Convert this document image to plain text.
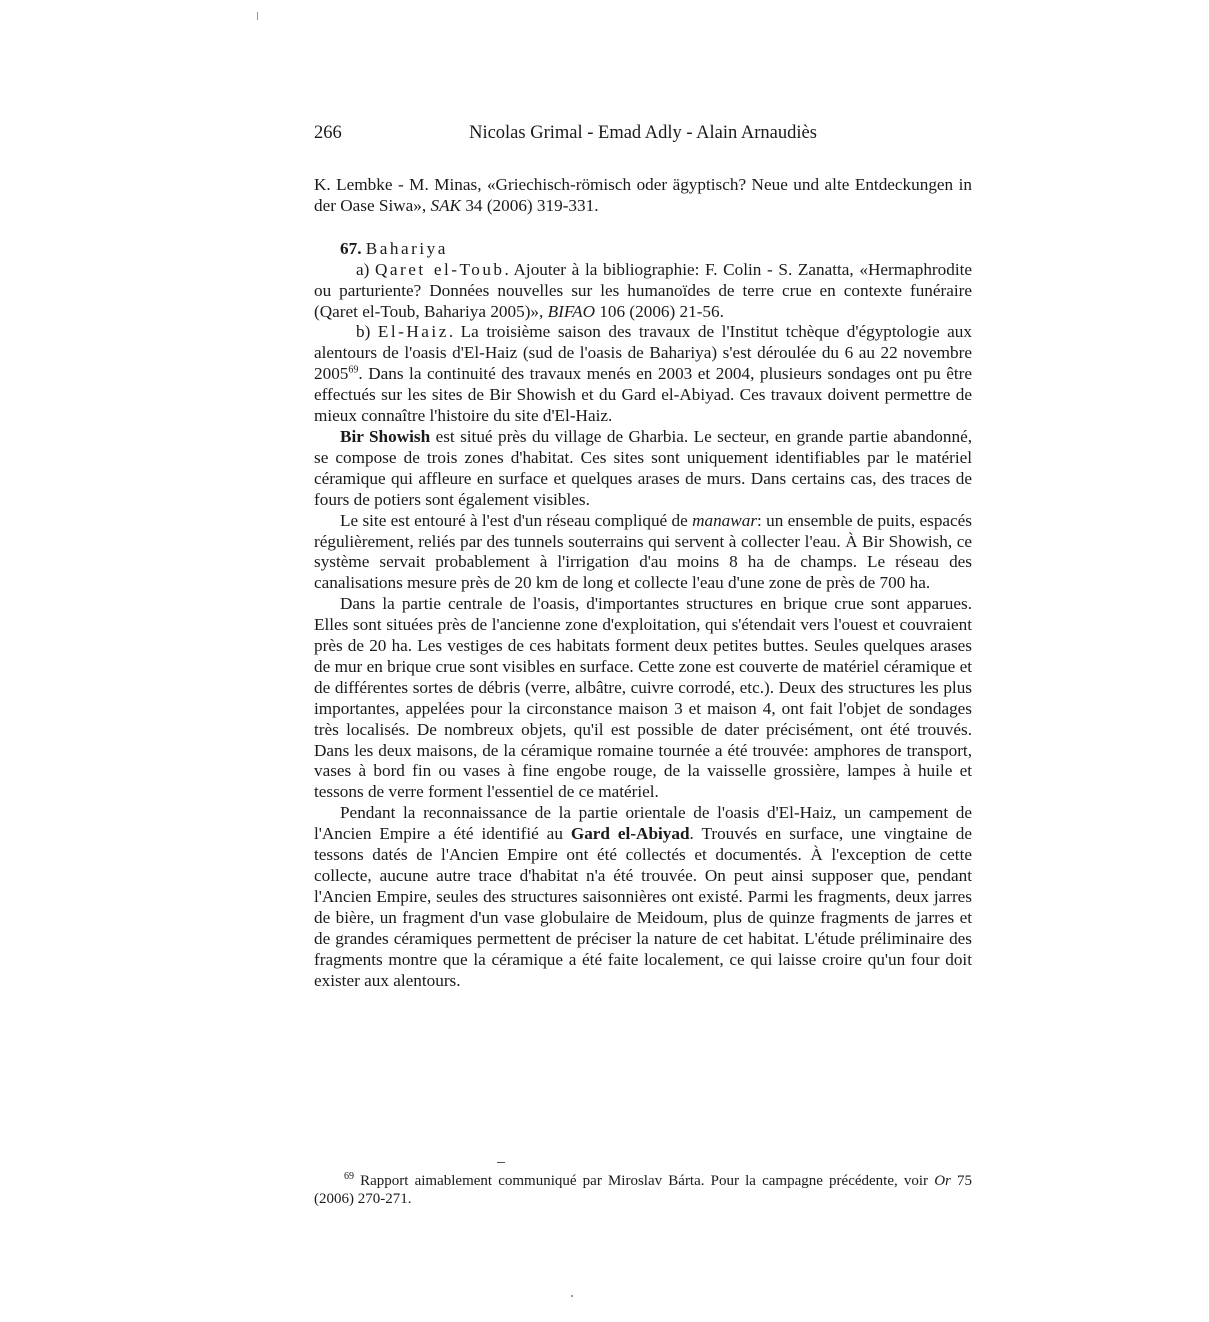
266	Nicolas Grimal - Emad Adly - Alain Arnaudiès

K. Lembke - M. Minas, «Griechisch-römisch oder ägyptisch? Neue und alte Entdeckungen in der Oase Siwa», SAK 34 (2006) 319-331.

67. Bahariya

a) Qaret el-Toub. Ajouter à la bibliographie: F. Colin - S. Zanatta, «Hermaphrodite ou parturiente? Données nouvelles sur les humanoïdes de terre crue en contexte funéraire (Qaret el-Toub, Bahariya 2005)», BIFAO 106 (2006) 21-56.

b) El-Haiz. La troisième saison des travaux de l'Institut tchèque d'égyptologie aux alentours de l'oasis d'El-Haiz (sud de l'oasis de Bahariya) s'est déroulée du 6 au 22 novembre 2005$^{69}$. Dans la continuité des travaux menés en 2003 et 2004, plusieurs sondages ont pu être effectués sur les sites de Bir Showish et du Gard el-Abiyad. Ces travaux doivent permettre de mieux connaître l'histoire du site d'El-Haiz.

Bir Showish est situé près du village de Gharbia. Le secteur, en grande partie abandonné, se compose de trois zones d'habitat. Ces sites sont uniquement identifiables par le matériel céramique qui affleure en surface et quelques arases de murs. Dans certains cas, des traces de fours de potiers sont également visibles.

Le site est entouré à l'est d'un réseau compliqué de manawar: un ensemble de puits, espacés régulièrement, reliés par des tunnels souterrains qui servent à collecter l'eau. À Bir Showish, ce système servait probablement à l'irrigation d'au moins 8 ha de champs. Le réseau des canalisations mesure près de 20 km de long et collecte l'eau d'une zone de près de 700 ha.

Dans la partie centrale de l'oasis, d'importantes structures en brique crue sont apparues. Elles sont situées près de l'ancienne zone d'exploitation, qui s'étendait vers l'ouest et couvraient près de 20 ha. Les vestiges de ces habitats forment deux petites buttes. Seules quelques arases de mur en brique crue sont visibles en surface. Cette zone est couverte de matériel céramique et de différentes sortes de débris (verre, albâtre, cuivre corrodé, etc.). Deux des structures les plus importantes, appelées pour la circonstance maison 3 et maison 4, ont fait l'objet de sondages très localisés. De nombreux objets, qu'il est possible de dater précisément, ont été trouvés. Dans les deux maisons, de la céramique romaine tournée a été trouvée: amphores de transport, vases à bord fin ou vases à fine engobe rouge, de la vaisselle grossière, lampes à huile et tessons de verre forment l'essentiel de ce matériel.

Pendant la reconnaissance de la partie orientale de l'oasis d'El-Haiz, un campement de l'Ancien Empire a été identifié au Gard el-Abiyad. Trouvés en surface, une vingtaine de tessons datés de l'Ancien Empire ont été collectés et documentés. À l'exception de cette collecte, aucune autre trace d'habitat n'a été trouvée. On peut ainsi supposer que, pendant l'Ancien Empire, seules des structures saisonnières ont existé. Parmi les fragments, deux jarres de bière, un fragment d'un vase globulaire de Meidoum, plus de quinze fragments de jarres et de grandes céramiques permettent de préciser la nature de cet habitat. L'étude préliminaire des fragments montre que la céramique a été faite localement, ce qui laisse croire qu'un four doit exister aux alentours.

$^{69}$ Rapport aimablement communiqué par Miroslav Bárta. Pour la campagne précédente, voir Or 75 (2006) 270-271.
